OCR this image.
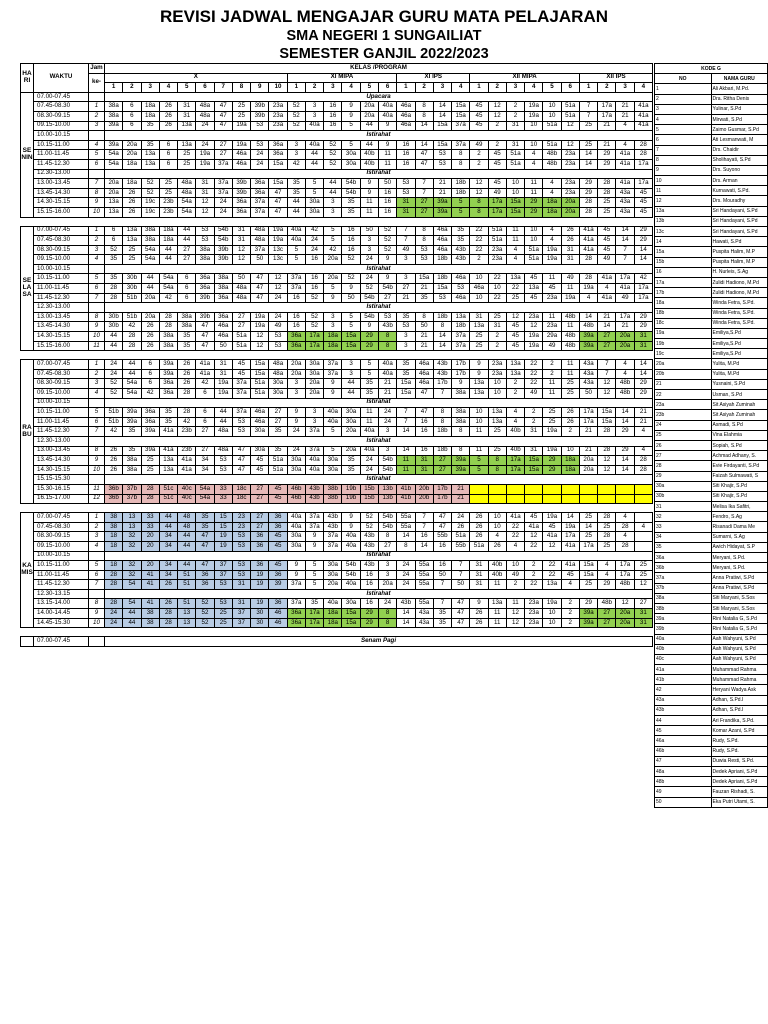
REVISI JADWAL MENGAJAR GURU MATA PELAJARAN
SMA NEGERI 1 SUNGAILIAT
SEMESTER GANJIL 2022/2023
HARI	WAKTU	Jam	KELAS /PROGRAM																													
		ke-	X										XI MIPA						XI IPS				XII MIPA						XII IPS			
			1	2	3	4	5	6	7	8	9	10	1	2	3	4	5	6	1	2	3	4	1	2	3	4	5	6	1	2	3	4
SENIN	07.00-07.45		Upacara																													
	07.45-08.30	1	38a	6	18a	26	31	48a	47	25	39b	23a	52	3	16	9	20a	40a	46a	8	14	15a	45	12	2	19a	10	51a	7	17a	21	41a
	08.30-09.15	2	38a	6	18a	26	31	48a	47	25	39b	23a	52	3	16	9	20a	40a	46a	8	14	15a	45	12	2	19a	10	51a	7	17a	21	41a
	09.15-10.00	3	39a	6	35	26	13a	24	47	19a	53	23a	52	40a	16	5	44	9	46a	14	15a	37a	45	2	31	10	51a	12	25	21	4	41a
	10.00-10.15		Istirahat																													
	10.15-11.00	4	39a	20a	35	6	13a	24	27	19a	53	36a	3	40a	52	5	44	9	16	14	15a	37a	49	2	31	10	51a	12	25	21	4	28
	11.00-11.45	5	54a	20a	13a	6	25	19a	27	46a	24	36a	3	44	52	30a	40b	11	16	47	53	8	2	45	51a	4	48b	23a	14	29	41a	28
	11.45-12.30	6	54a	18a	13a	6	25	19a	37a	46a	24	15a	42	44	52	30a	40b	11	16	47	53	8	2	45	51a	4	48b	23a	14	29	41a	17a
	12.30-13.00		Istirahat																													
	13.00-13.45	7	20a	18a	52	25	48a	31	37a	39b	36a	15a	35	5	44	54b	9	50	53	7	21	18b	12	45	10	11	4	23a	29	28	41a	17a
	13.45-14.30	8	20a	26	52	25	48a	31	37a	39b	36a	47	35	5	44	54b	9	16	53	7	21	18b	12	49	10	11	4	23a	29	28	43a	45
	14.30-15.15	9	13a	26	19c	23b	54a	12	24	36a	37a	47	44	30a	3	35	11	16	31	27	39a	5	8	17a	15a	29	18a	20a	28	25	43a	45
	15.15-16.00	10	13a	26	19c	23b	54a	12	24	36a	37a	47	44	30a	3	35	11	16	31	27	39a	5	8	17a	15a	29	18a	20a	28	25	43a	45

SELASA	07.00-07.45	1	6	13a	38a	18a	44	53	54b	31	48a	19a	40a	42	5	16	50	52	7	8	46a	35	22	51a	11	10	4	26	41a	45	14	29
	07.45-08.30	2	6	13a	38a	18a	44	53	54b	31	48a	19a	40a	24	5	16	3	52	7	8	46a	35	22	51a	11	10	4	26	41a	45	14	29
	08.30-09.15	3	52	25	54a	44	27	38a	39b	12	37a	13c	5	24	42	16	3	52	49	53	46a	43b	22	23a	4	51a	19a	31	41a	45	7	14
	09.15-10.00	4	35	25	54a	44	27	38a	39b	12	50	13c	5	16	20a	52	24	9	3	53	18b	43b	2	23a	4	51a	19a	31	28	49	7	14
	10.00-10.15		Istirahat																													
	10.15-11.00	5	35	30b	44	54a	6	36a	38a	50	47	12	37a	16	20a	52	24	9	3	15a	18b	46a	10	22	13a	45	11	49	28	41a	17a	42
	11.00-11.45	6	28	30b	44	54a	6	36a	38a	48a	47	12	37a	16	5	9	52	54b	27	21	15a	53	46a	10	22	13a	45	11	19a	4	41a	17a
	11.45-12.30	7	28	51b	20a	42	6	39b	36a	48a	47	24	16	52	9	50	54b	27	21	35	53	46a	10	22	25	45	23a	19a	4	41a	49	17a
	12.30-13.00		Istirahat																													
	13.00-13.45	8	30b	51b	20a	28	38a	39b	36a	27	19a	24	16	52	3	5	54b	53	35	8	18b	13a	31	25	12	23a	11	48b	14	21	17a	29
	13.45-14.30	9	30b	42	26	28	38a	47	46a	27	19a	49	16	52	3	5	9	43b	53	50	8	18b	13a	31	45	12	23a	11	48b	14	21	29
	14.30-15.15	10	44	28	26	38a	35	47	46a	51a	12	53	36a	17a	18a	15a	29	8	3	21	14	37a	25	2	45	19a	29a	48b	39a	27	20a	31
	15.15-16.00	11	44	28	26	38a	35	47	50	51a	12	53	36a	17a	18a	15a	29	8	3	21	14	37a	25	2	45	19a	49	48b	39a	27	20a	31

RABU	07.00-07.45	1	24	44	6	39a	26	41a	31	45	15a	48a	20a	30a	37a	3	5	40a	35	46a	43b	17b	9	23a	13a	22	2	11	43a	7	4	14
	07.45-08.30	2	24	44	6	39a	26	41a	31	45	15a	48a	20a	30a	37a	3	5	40a	35	46a	43b	17b	9	23a	13a	22	2	11	43a	7	4	14
	08.30-09.15	3	52	54a	6	36a	26	42	19a	37a	51a	30a	3	20a	9	44	35	21	15a	46a	17b	9	13a	10	2	22	11	25	43a	12	48b	29
	09.15-10.00	4	52	54a	42	36a	28	6	19a	37a	51a	30a	3	20a	9	44	35	21	15a	47	7	38a	13a	10	2	49	11	25	50	12	48b	29
	10.00-10.15		Istirahat																													
	10.15-11.00	5	51b	39a	36a	35	28	6	44	37a	46a	27	9	3	40a	30a	11	24	7	47	8	38a	10	13a	4	2	25	26	17a	15a	14	21
	11.00-11.45	6	51b	39a	36a	35	42	6	44	53	46a	27	9	3	40a	30a	11	24	7	16	8	38a	10	13a	4	2	25	26	17a	15a	14	21
	11.45-12.30	7	42	35	39a	41a	23b	27	48a	53	30a	35	24	37a	5	20a	40a	3	14	16	18b	8	11	25	40b	31	19a	2	21	28	29	4
	12.30-13.00		Istirahat																													
	13.00-13.45	8	26	35	39a	41a	23b	27	48a	47	30a	35	24	37a	5	20a	40a	3	14	16	18b	8	11	25	40b	31	19a	10	21	28	29	4
	13.45-14.30	9	26	38a	25	13a	41a	34	53	47	45	51a	30a	40a	30a	35	24	54b	11	31	27	39a	5	8	17a	15a	29	18a	20a	12	14	28
	14.30-15.15	10	26	38a	25	13a	41a	34	53	47	45	51a	30a	40a	30a	35	24	54b	11	31	27	39a	5	8	17a	15a	29	18a	20a	12	14	28
	15.15-15.30		Istirahat																													
	15.30-16.15	11	36b	37b	28	51c	40c	54a	33	18c	27	45	46b	43b	38b	19b	15b	13b	41b	20b	17b	21										
	16.15-17.00	12	36b	37b	28	51c	40c	54a	33	18c	27	45	46b	43b	38b	19b	15b	13b	41b	20b	17b	21										

KAMIS	07.00-07.45	1	38	13	33	44	48	35	15	23	27	36	40a	37a	43b	9	52	54b	55a	7	47	24	26	10	41a	45	19a	14	25	28	4	
	07.45-08.30	2	38	13	33	44	48	35	15	23	27	36	40a	37a	43b	9	52	54b	55a	7	47	26	26	10	22	41a	45	19a	14	25	28	4
	08.30-09.15	3	18	32	20	34	44	47	19	53	36	45	30a	9	37a	40a	43b	8	14	16	55b	51a	26	4	22	12	41a	17a	25	28	4	
	09.15-10.00	4	18	32	20	34	44	47	19	53	36	45	30a	9	37a	40a	43b	27	8	14	16	55b	51a	26	4	22	12	41a	17a	25	28	
	10.00-10.15		Istirahat																													
	10.15-11.00	5	18	32	20	34	44	47	37	53	36	45	9	5	30a	54b	43b	3	24	55a	16	7	31	40b	10	2	22	41a	15a	4	17a	25
	11.00-11.45	6	28	32	41	34	51	36	37	53	19	36	9	5	30a	54b	16	3	24	55a	50	7	31	40b	49	2	22	45	15a	4	17a	25
	11.45-12.30	7	28	54	41	26	51	36	53	31	19	39	37a	5	20a	40a	16	20a	24	55a	7	50	31	11	2	22	13a	4	25	29	48b	12
	12.30-13.15		Istirahat																													
	13.15-14.00	8	28	54	41	26	51	52	53	31	19	36	37a	35	40a	30a	16	24	43b	55a	7	47	9	13a	11	23a	19a	2	29	48b	12	27
	14.00-14.45	9	24	44	38	28	13	52	25	37	30	46	36a	17a	18a	15a	29	8	14	43a	35	47	26	11	12	23a	10	2	39a	27	20a	31
	14.45-15.30	10	24	44	38	28	13	52	25	37	30	46	36a	17a	18a	15a	29	8	14	43a	35	47	26	11	12	23a	10	2	39a	27	20a	31

	07.00-07.45		Senam Pagi																													
KODE G	
NO	NAMA GURU
1	Ali Akbari, M.Pd.
2	Dra. Ritha Denis
3	Yulinar, S.Pd
4	Mirwati, S.Pd
5	Zaimo Gusmar, S.Pd
6	Ati Lesmanwati, M
7	Drs. Chaidir
8	Sholihayati, S.Pd
9	Drs. Suyono
10	Drs. Arman
11	Kurnawati, S.Pd.
12	Drs. Mouradhy
13a	Sri Handayani, S.Pd
13b	Sri Handayani, S.Pd
13c	Sri Handayani, S.Pd
14	Hawati, S.Pd
15a	Puspita Halim, M.P
15b	Puspita Halim, M.P
16	H. Nurleis, S.Ag
17a	Zulidi Hadiono, M.Pd
17b	Zulidi Hadiono, M.Pd
18a	Winda Fetra, S.Pd.
18b	Winda Fetra, S.Pd.
18c	Winda Fetra, S.Pd.
19a	Emiliya,S.Pd
19b	Emiliya,S.Pd
19c	Emiliya,S.Pd
20a	Yulita, M.Pd
20b	Yulita, M.Pd
21	Yusnaini, S.Pd
22	Usman, S.Pd
23a	Sit Asiyah Zuminah
23b	Sit Asiyah Zuminah
24	Asmadi, S.Pd
25	Vina Elahmia
26	Sopiah, S.Pd
27	Achmad Adhany, S.
28	Evie Firdayanti, S.Pd
29	Faizah Sulmawati, S
30a	Siti Khajir, S.Pd
30b	Siti Khajir, S.Pd
31	Melisa Ika Safitri,
32	Fendro, S.Ag
33	Risanadi Dama Me
34	Sumarni, S.Ag
35	Awich Hidayat, S.P
36a	Meryani, S.Pd.
36b	Meryani, S.Pd.
37a	Anna Pratiwi, S.Pd
37b	Anna Pratiwi, S.Pd
38a	Siti Maryani, S.Sos
38b	Siti Maryani, S.Sos
39a	Rini Natalia G, S.Pd
39b	Rini Natalia G, S.Pd
40a	Aah Wahyuni, S.Pd
40b	Aah Wahyuni, S.Pd
40c	Aah Wahyuni, S.Pd
41a	Muhammad Rahma
41b	Muhammad Rahma
42	Heryani Wadya Ask
43a	Adhan, S.Pd.I
43b	Adhan, S.Pd.I
44	Ari Frandika, S.Pd.
45	Komar Azani, S.Pd
46a	Rudy, S.Pd.
46b	Rudy, S.Pd.
47	Duwia Resti, S.Pd.
48a	Dedek Apriani, S.Pd
48b	Dedek Apriani, S.Pd
49	Fauzan Rishadi, S.
50	Eka Putri Utami, S.
